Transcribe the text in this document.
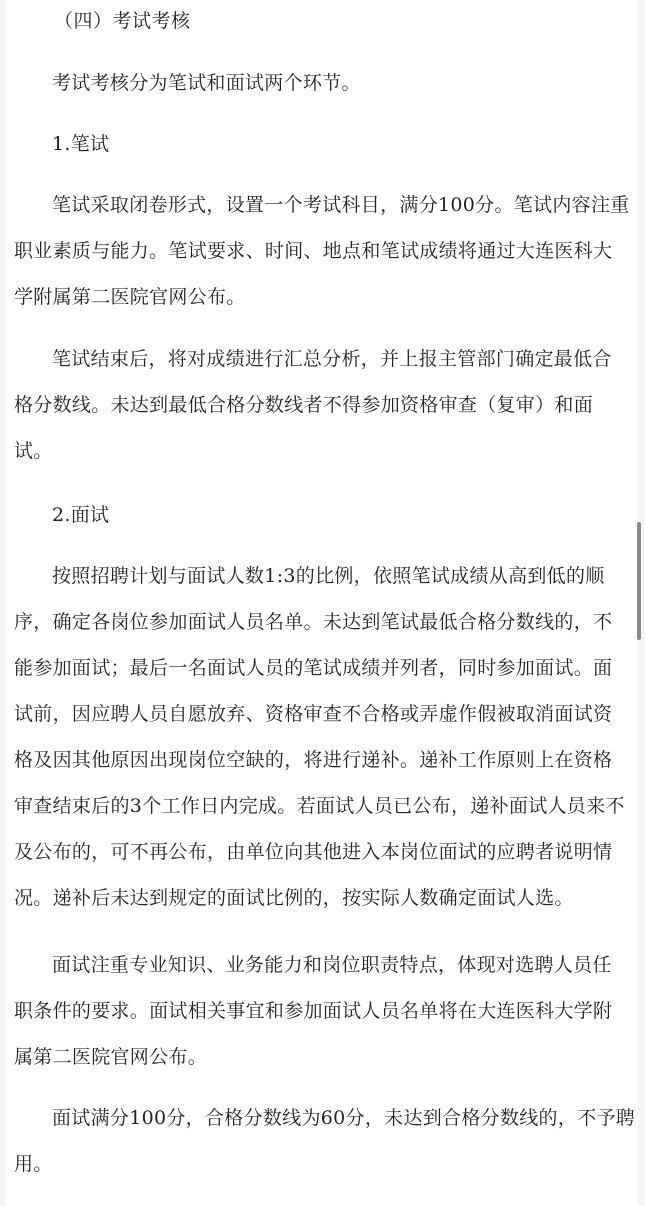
（四）考试考核
考试考核分为笔试和面试两个环节。
1.笔试
笔试采取闭卷形式，设置一个考试科目，满分100分。笔试内容注重
职业素质与能力。笔试要求、时间、地点和笔试成绩将通过大连医科大
学附属第二医院官网公布。
笔试结束后，将对成绩进行汇总分析，并上报主管部门确定最低合
格分数线。未达到最低合格分数线者不得参加资格审查（复审）和面
试。
2.面试
按照招聘计划与面试人数1:3的比例，依照笔试成绩从高到低的顺
序，确定各岗位参加面试人员名单。未达到笔试最低合格分数线的，不
能参加面试；最后一名面试人员的笔试成绩并列者，同时参加面试。面
试前，因应聘人员自愿放弃、资格审查不合格或弄虚作假被取消面试资
格及因其他原因出现岗位空缺的，将进行递补。递补工作原则上在资格
审查结束后的3个工作日内完成。若面试人员已公布，递补面试人员来不
及公布的，可不再公布，由单位向其他进入本岗位面试的应聘者说明情
况。递补后未达到规定的面试比例的，按实际人数确定面试人选。
面试注重专业知识、业务能力和岗位职责特点，体现对选聘人员任
职条件的要求。面试相关事宜和参加面试人员名单将在大连医科大学附
属第二医院官网公布。
面试满分100分，合格分数线为60分，未达到合格分数线的，不予聘
用。
